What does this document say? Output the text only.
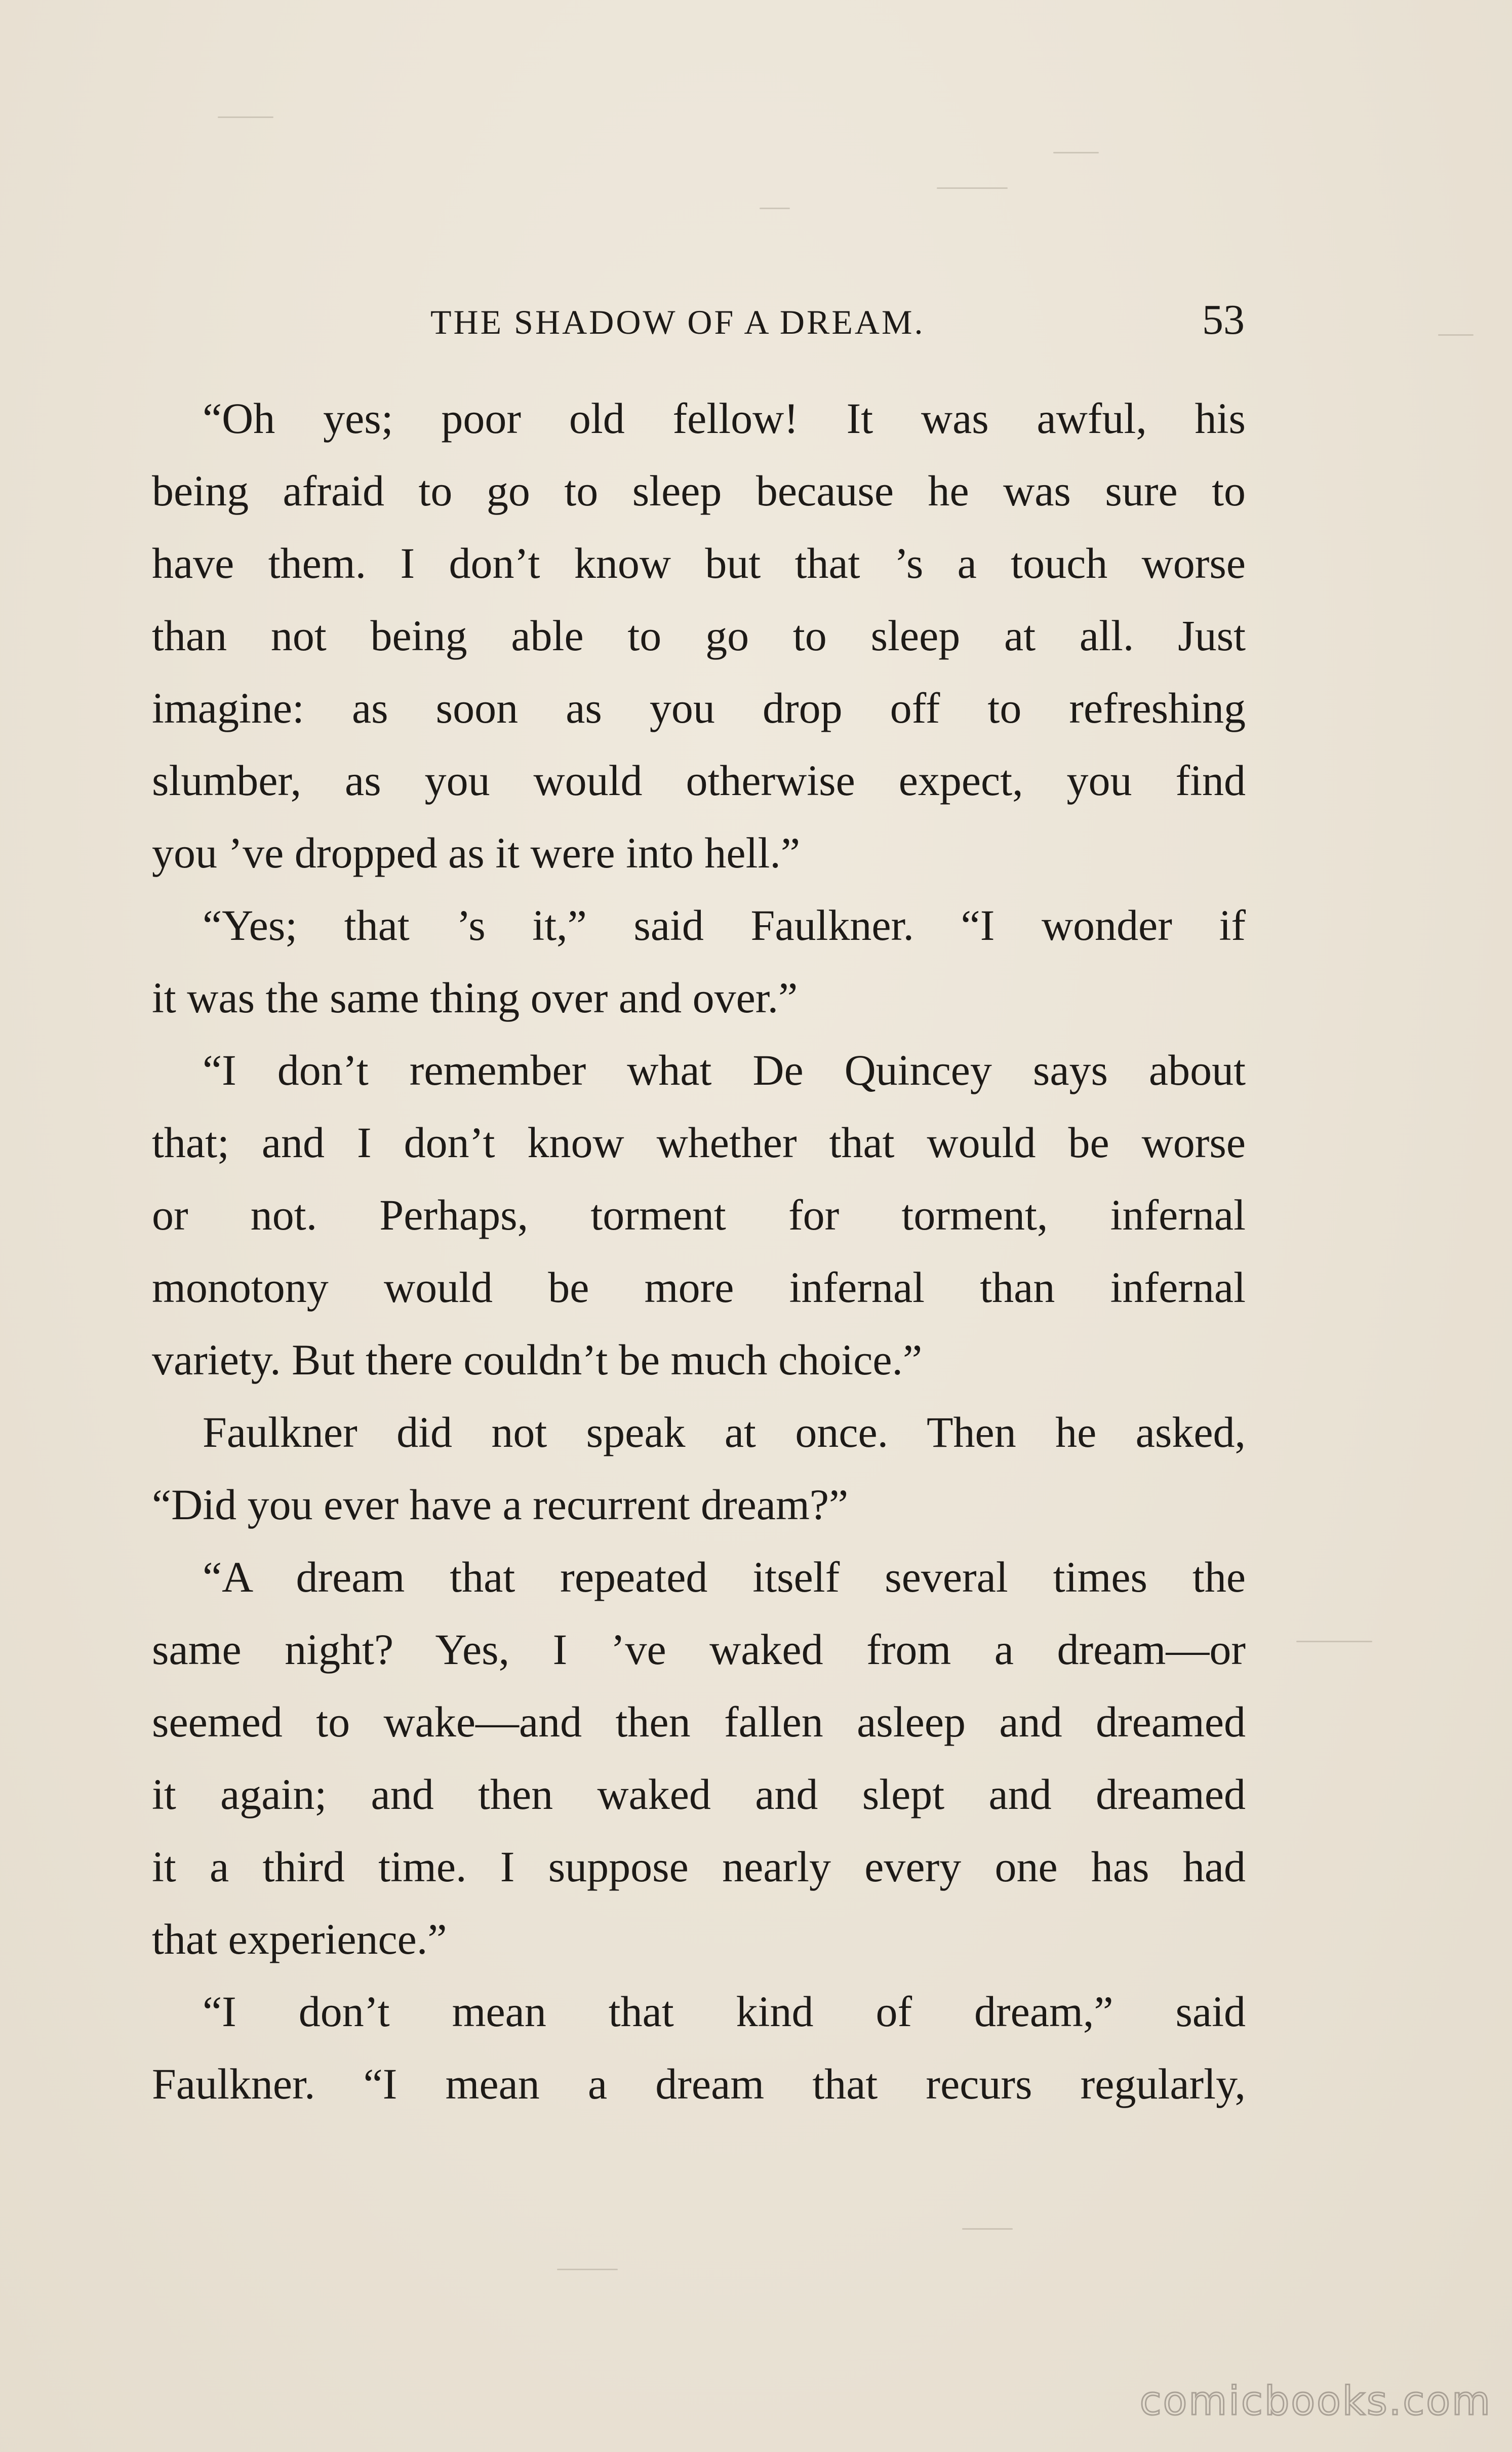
THE SHADOW OF A DREAM.	53
“Oh yes; poor old fellow! It was awful, his
being afraid to go to sleep because he was sure to
have them. I don’t know but that ’s a touch worse
than not being able to go to sleep at all. Just
imagine: as soon as you drop off to refreshing
slumber, as you would otherwise expect, you find
you ’ve dropped as it were into hell.”
“Yes; that ’s it,” said Faulkner. “I wonder if
it was the same thing over and over.”
“I don’t remember what De Quincey says about
that; and I don’t know whether that would be worse
or not. Perhaps, torment for torment, infernal
monotony would be more infernal than infernal
variety. But there couldn’t be much choice.”
Faulkner did not speak at once. Then he asked,
“Did you ever have a recurrent dream?”
“A dream that repeated itself several times the
same night? Yes, I ’ve waked from a dream—or
seemed to wake—and then fallen asleep and dreamed
it again; and then waked and slept and dreamed
it a third time. I suppose nearly every one has had
that experience.”
“I don’t mean that kind of dream,” said
Faulkner. “I mean a dream that recurs regularly,
comicbooks.com
